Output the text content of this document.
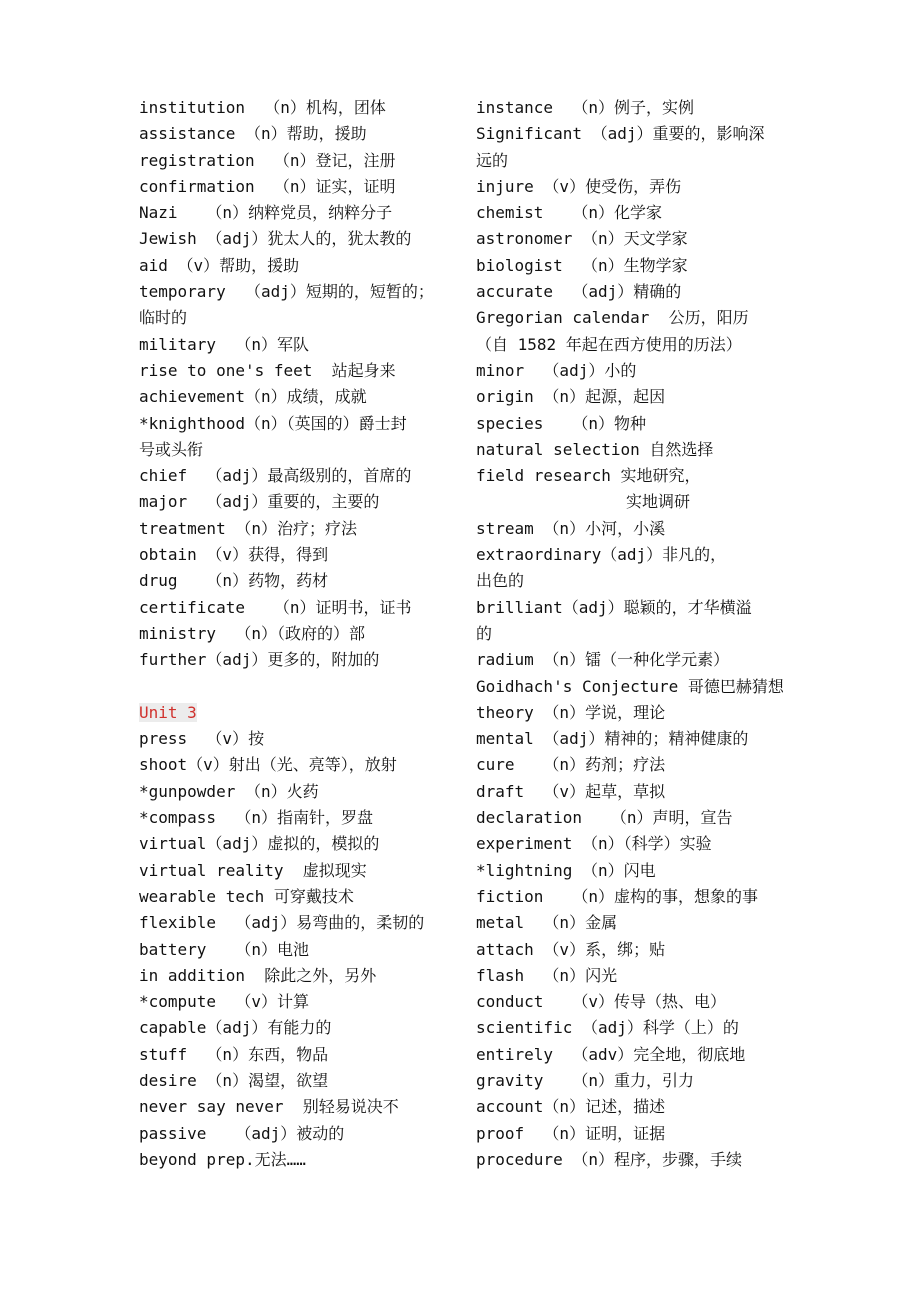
institution  （n）机构，团体
assistance （n）帮助，援助
registration  （n）登记，注册
confirmation  （n）证实，证明
Nazi   （n）纳粹党员，纳粹分子
Jewish （adj）犹太人的，犹太教的
aid （v）帮助，援助
temporary  （adj）短期的，短暂的；
临时的
military  （n）军队
rise to one's feet  站起身来
achievement（n）成绩，成就
*knighthood（n）（英国的）爵士封
号或头衔
chief  （adj）最高级别的，首席的
major  （adj）重要的，主要的
treatment （n）治疗；疗法
obtain （v）获得，得到
drug   （n）药物，药材
certificate   （n）证明书，证书
ministry  （n）（政府的）部
further（adj）更多的，附加的
Unit 3
press  （v）按
shoot（v）射出（光、亮等），放射
*gunpowder （n）火药
*compass  （n）指南针，罗盘
virtual（adj）虚拟的，模拟的
virtual reality  虚拟现实
wearable tech 可穿戴技术
flexible  （adj）易弯曲的，柔韧的
battery   （n）电池
in addition  除此之外，另外
*compute  （v）计算
capable（adj）有能力的
stuff  （n）东西，物品
desire （n）渴望，欲望
never say never  别轻易说决不
passive   （adj）被动的
beyond prep.无法……
instance  （n）例子，实例
Significant （adj）重要的，影响深
远的
injure （v）使受伤，弄伤
chemist   （n）化学家
astronomer （n）天文学家
biologist  （n）生物学家
accurate  （adj）精确的
Gregorian calendar  公历，阳历
（自 1582 年起在西方使用的历法）
minor  （adj）小的
origin （n）起源，起因
species   （n）物种
natural selection 自然选择
field research 实地研究，
实地调研
stream （n）小河，小溪
extraordinary（adj）非凡的，
出色的
brilliant（adj）聪颖的，才华横溢
的
radium （n）镭（一种化学元素）
Goidhach's Conjecture 哥德巴赫猜想
theory （n）学说，理论
mental （adj）精神的；精神健康的
cure   （n）药剂；疗法
draft  （v）起草，草拟
declaration   （n）声明，宣告
experiment （n）（科学）实验
*lightning （n）闪电
fiction   （n）虚构的事，想象的事
metal  （n）金属
attach （v）系，绑；贴
flash  （n）闪光
conduct   （v）传导（热、电）
scientific （adj）科学（上）的
entirely  （adv）完全地，彻底地
gravity   （n）重力，引力
account（n）记述，描述
proof  （n）证明，证据
procedure （n）程序，步骤，手续
